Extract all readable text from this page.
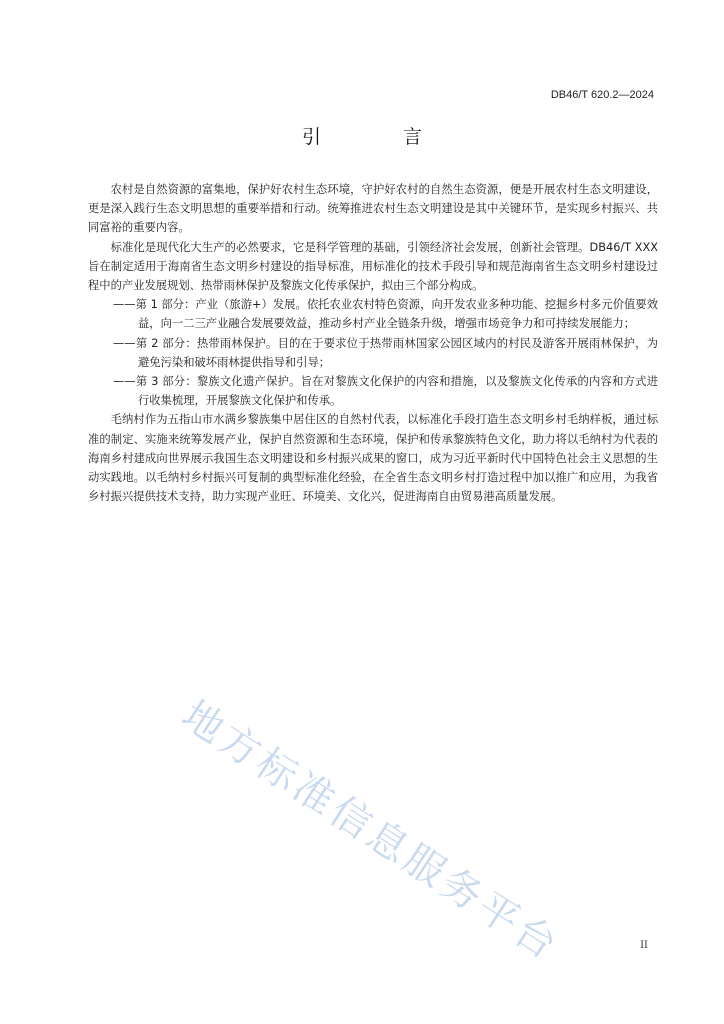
DB46/T 620.2—2024
引 言

农村是自然资源的富集地，保护好农村生态环境，守护好农村的自然生态资源，便是开展农村生态文明建设，更是深入践行生态文明思想的重要举措和行动。统筹推进农村生态文明建设是其中关键环节，是实现乡村振兴、共同富裕的重要内容。

标准化是现代化大生产的必然要求，它是科学管理的基础，引领经济社会发展，创新社会管理。DB46/T XXX旨在制定适用于海南省生态文明乡村建设的指导标准，用标准化的技术手段引导和规范海南省生态文明乡村建设过程中的产业发展规划、热带雨林保护及黎族文化传承保护，拟由三个部分构成。

——第 1 部分：产业（旅游+）发展。依托农业农村特色资源，向开发农业多种功能、挖掘乡村多元价值要效益，向一二三产业融合发展要效益，推动乡村产业全链条升级，增强市场竞争力和可持续发展能力；

——第 2 部分：热带雨林保护。目的在于要求位于热带雨林国家公园区域内的村民及游客开展雨林保护，为避免污染和破坏雨林提供指导和引导；

——第 3 部分：黎族文化遗产保护。旨在对黎族文化保护的内容和措施，以及黎族文化传承的内容和方式进行收集梳理，开展黎族文化保护和传承。

毛纳村作为五指山市水满乡黎族集中居住区的自然村代表，以标准化手段打造生态文明乡村毛纳样板，通过标准的制定、实施来统筹发展产业，保护自然资源和生态环境，保护和传承黎族特色文化，助力将以毛纳村为代表的海南乡村建成向世界展示我国生态文明建设和乡村振兴成果的窗口，成为习近平新时代中国特色社会主义思想的生动实践地。以毛纳村乡村振兴可复制的典型标准化经验，在全省生态文明乡村打造过程中加以推广和应用，为我省乡村振兴提供技术支持，助力实现产业旺、环境美、文化兴，促进海南自由贸易港高质量发展。

地方标准信息服务平台	II
